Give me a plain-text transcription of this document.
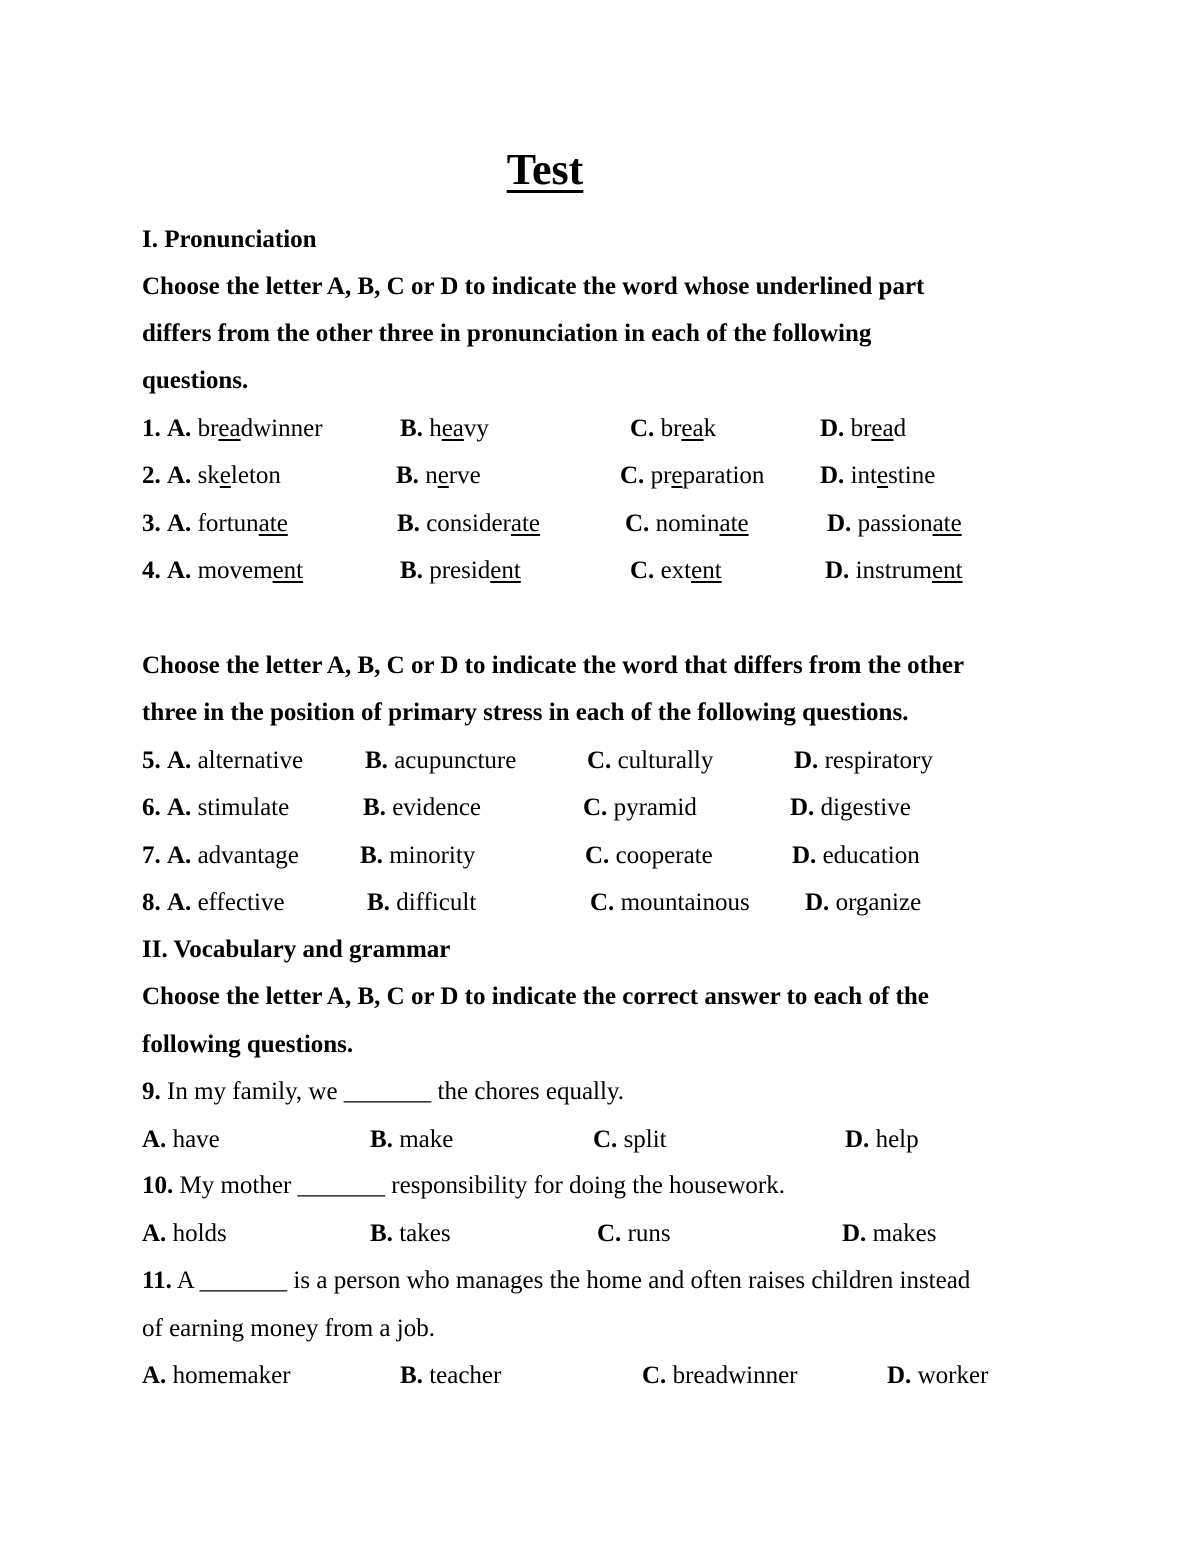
Test
I. Pronunciation
Choose the letter A, B, C or D to indicate the word whose underlined part
differs from the other three in pronunciation in each of the following
questions.
1. A. breadwinner	B. heavy	C. break	D. bread
2. A. skeleton	B. nerve	C. preparation D. intestine
3. A. fortunate	B. considerate	C. nominate	D. passionate
4. A. movement	B. president	C. extent	D. instrument
Choose the letter A, B, C or D to indicate the word that differs from the other
three in the position of primary stress in each of the following questions.
5. A. alternative B. acupuncture	C. culturally	D. respiratory
6. A. stimulate	B. evidence	C. pyramid	D. digestive
7. A. advantage B. minority	C. cooperate	D. education
8. A. effective	B. difficult	C. mountainous D. organize
II. Vocabulary and grammar
Choose the letter A, B, C or D to indicate the correct answer to each of the
following questions.
9. In my family, we _______ the chores equally.
A. have	B. make	C. split	D. help
10. My mother _______ responsibility for doing the housework.
A. holds	B. takes	C. runs	D. makes
11. A _______ is a person who manages the home and often raises children instead
of earning money from a job.
A. homemaker	B. teacher	C. breadwinner	D. worker
